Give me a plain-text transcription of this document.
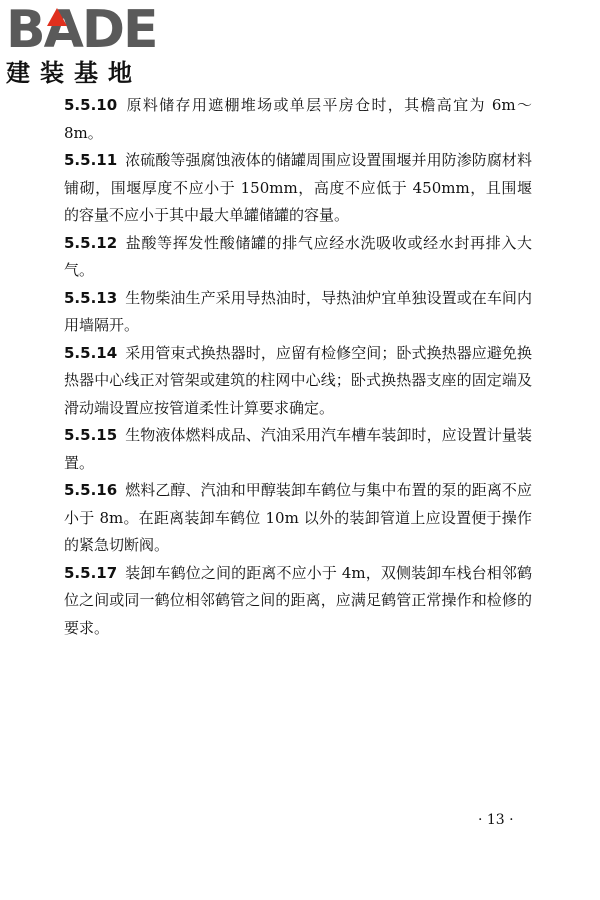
BADE
建装基地

5.5.10 原料储存用遮棚堆场或单层平房仓时，其檐高宜为 6m～8m。

5.5.11 浓硫酸等强腐蚀液体的储罐周围应设置围堰并用防渗防腐材料铺砌，围堰厚度不应小于 150mm，高度不应低于 450mm，且围堰的容量不应小于其中最大单罐储罐的容量。

5.5.12 盐酸等挥发性酸储罐的排气应经水洗吸收或经水封再排入大气。

5.5.13 生物柴油生产采用导热油时，导热油炉宜单独设置或在车间内用墙隔开。

5.5.14 采用管束式换热器时，应留有检修空间；卧式换热器应避免换热器中心线正对管架或建筑的柱网中心线；卧式换热器支座的固定端及滑动端设置应按管道柔性计算要求确定。

5.5.15 生物液体燃料成品、汽油采用汽车槽车装卸时，应设置计量装置。

5.5.16 燃料乙醇、汽油和甲醇装卸车鹤位与集中布置的泵的距离不应小于 8m。在距离装卸车鹤位 10m 以外的装卸管道上应设置便于操作的紧急切断阀。

5.5.17 装卸车鹤位之间的距离不应小于 4m，双侧装卸车栈台相邻鹤位之间或同一鹤位相邻鹤管之间的距离，应满足鹤管正常操作和检修的要求。

· 13 ·
